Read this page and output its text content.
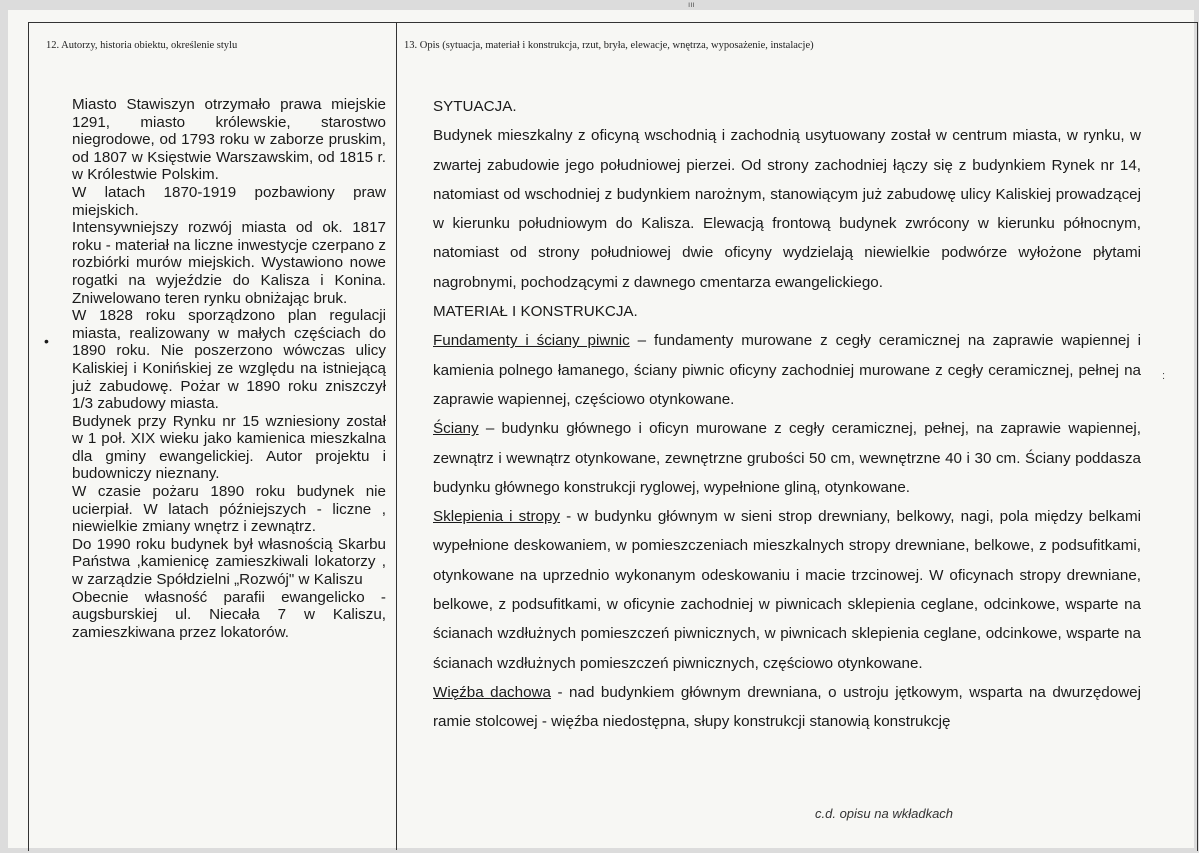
ııı
12. Autorzy, historia obiektu, określenie stylu	13. Opis (sytuacja, materiał i konstrukcja, rzut, bryła, elewacje, wnętrza, wyposażenie, instalacje)
•
:

Miasto Stawiszyn otrzymało prawa miejskie 1291, miasto królewskie, starostwo niegrodowe, od 1793 roku w zaborze pruskim, od 1807 w Księstwie Warszawskim, od 1815 r. w Królestwie Polskim.

W latach 1870-1919 pozbawiony praw miejskich.

Intensywniejszy rozwój miasta od ok. 1817 roku - materiał na liczne inwestycje czerpano z rozbiórki murów miejskich. Wystawiono nowe rogatki na wyjeździe do Kalisza i Konina. Zniwelowano teren rynku obniżając bruk.

W 1828 roku sporządzono plan regulacji miasta, realizowany w małych częściach do 1890 roku. Nie poszerzono wówczas ulicy Kaliskiej i Konińskiej ze względu na istniejącą już zabudowę. Pożar w 1890 roku zniszczył 1/3 zabudowy miasta.

Budynek przy Rynku nr 15 wzniesiony został w 1 poł. XIX wieku jako kamienica mieszkalna dla gminy ewangelickiej. Autor projektu i budowniczy nieznany.

W czasie pożaru 1890 roku budynek nie ucierpiał. W latach późniejszych - liczne , niewielkie zmiany wnętrz i zewnątrz.

Do 1990 roku budynek był własnością Skarbu Państwa ,kamienicę zamieszkiwali lokatorzy , w zarządzie Spółdzielni „Rozwój" w Kaliszu

Obecnie własność parafii ewangelicko - augsburskiej ul. Niecała 7 w Kaliszu, zamieszkiwana przez lokatorów.

SYTUACJA.

Budynek mieszkalny z oficyną wschodnią i zachodnią usytuowany został w centrum miasta, w rynku, w zwartej zabudowie jego południowej pierzei. Od strony zachodniej łączy się z budynkiem Rynek nr 14, natomiast od wschodniej z budynkiem narożnym, stanowiącym już zabudowę ulicy Kaliskiej prowadzącej w kierunku południowym do Kalisza. Elewacją frontową budynek zwrócony w kierunku północnym, natomiast od strony południowej dwie oficyny wydzielają niewielkie podwórze wyłożone płytami nagrobnymi, pochodzącymi z dawnego cmentarza ewangelickiego.

MATERIAŁ I KONSTRUKCJA.

Fundamenty i ściany piwnic – fundamenty murowane z cegły ceramicznej na zaprawie wapiennej i kamienia polnego łamanego, ściany piwnic oficyny zachodniej murowane z cegły ceramicznej, pełnej na zaprawie wapiennej, częściowo otynkowane.

Ściany – budynku głównego i oficyn murowane z cegły ceramicznej, pełnej, na zaprawie wapiennej, zewnątrz i wewnątrz otynkowane, zewnętrzne grubości 50 cm, wewnętrzne 40 i 30 cm. Ściany poddasza budynku głównego konstrukcji ryglowej, wypełnione gliną, otynkowane.

Sklepienia i stropy - w budynku głównym w sieni strop drewniany, belkowy, nagi, pola między belkami wypełnione deskowaniem, w pomieszczeniach mieszkalnych stropy drewniane, belkowe, z podsufitkami, otynkowane na uprzednio wykonanym odeskowaniu i macie trzcinowej. W oficynach stropy drewniane, belkowe, z podsufitkami, w oficynie zachodniej w piwnicach sklepienia ceglane, odcinkowe, wsparte na ścianach wzdłużnych pomieszczeń piwnicznych, w piwnicach sklepienia ceglane, odcinkowe, wsparte na ścianach wzdłużnych pomieszczeń piwnicznych, częściowo otynkowane.

Więźba dachowa - nad budynkiem głównym drewniana, o ustroju jętkowym, wsparta na dwurzędowej ramie stolcowej - więźba niedostępna, słupy konstrukcji stanowią konstrukcję

c.d. opisu na wkładkach
